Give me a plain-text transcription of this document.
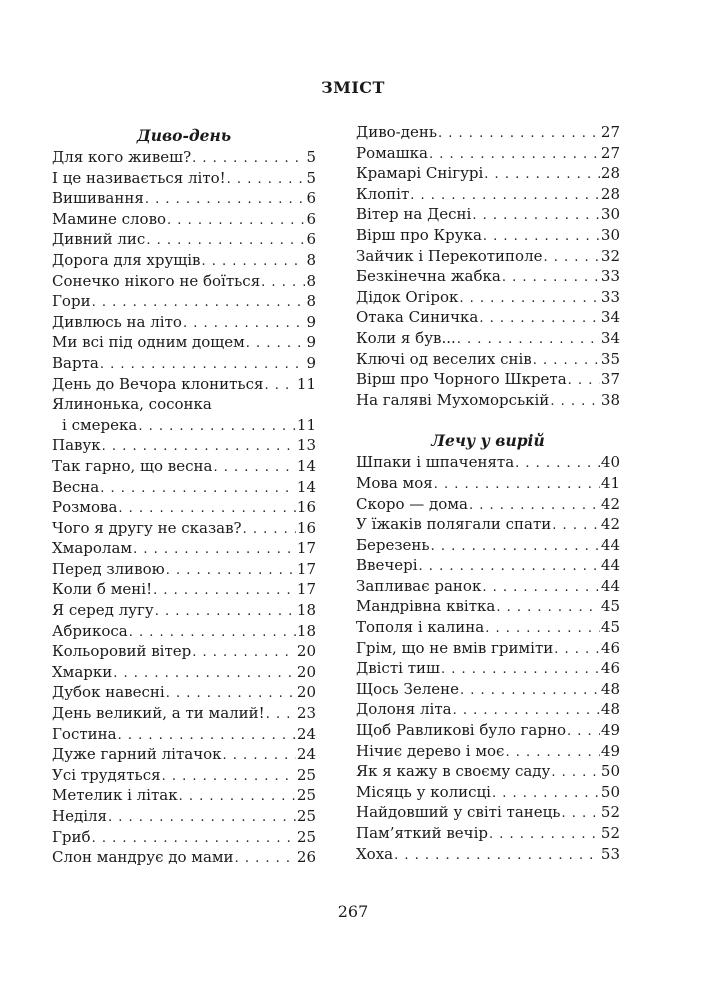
ЗМІСТ
Диво-день
Для кого живеш? . . .	5
І це називається літо! . . .	5
Вишивання . . .	6
Мамине слово . . .	6
Дивний лис . . .	6
Дорога для хрущів . . .	8
Сонечко нікого не боїться . . .	8
Гори . . .	8
Дивлюсь на літо . . .	9
Ми всі під одним дощем . . .	9
Варта . . .	9
День до Вечора клониться . . . 11
Ялинонька, сосонка
і смерека . . .	11
Павук . . .	13
Так гарно, що весна . . .	14
Весна . . .	14
Розмова . . .	16
Чого я другу не сказав? . . .	16
Хмаролам . . .	17
Перед зливою . . .	17
Коли б мені! . . .	17
Я серед лугу . . .	18
Абрикоса . . .	18
Кольоровий вітер . . .	20
Хмарки . . .	20
Дубок навесні . . .	20
День великий, а ти малий! . . . 23
Гостина . . .	24
Дуже гарний літачок . . .	24
Усі трудяться . . .	25
Метелик і літак . . .	25
Неділя . . .	25
Гриб . . .	25
Слон мандрує до мами . . .	26
Диво-день . . .	27
Ромашка . . .	27
Крамарі Снігурі . . .	28
Клопіт . . .	28
Вітер на Десні . . .	30
Вірш про Крука . . .	30
Зайчик і Перекотиполе . . .	32
Безкінечна жабка . . .	33
Дідок Огірок . . .	33
Отака Синичка . . .	34
Коли я був... . . .	34
Ключі од веселих снів . . .	35
Вірш про Чорного Шкрета . . . 37
На галяві Мухоморській . . .	38
Лечу у вирій
Шпаки і шпаченята . . .	40
Мова моя . . .	41
Скоро — дома . . .	42
У їжаків полягали спати . . .	42
Березень . . .	44
Ввечері . . .	44
Запливає ранок . . .	44
Мандрівна квітка . . .	45
Тополя і калина . . .	45
Грім, що не вмів гриміти . . .	46
Двісті тиш . . .	46
Щось Зелене . . .	48
Долоня літа . . .	48
Щоб Равликові було гарно . . . 49
Нічиє дерево і моє . . .	49
Як я кажу в своєму саду . . .	50
Місяць у колисці . . .	50
Найдовший у світі танець . . .	52
Пам’яткий вечір . . .	52
Хоха . . .	53
267
